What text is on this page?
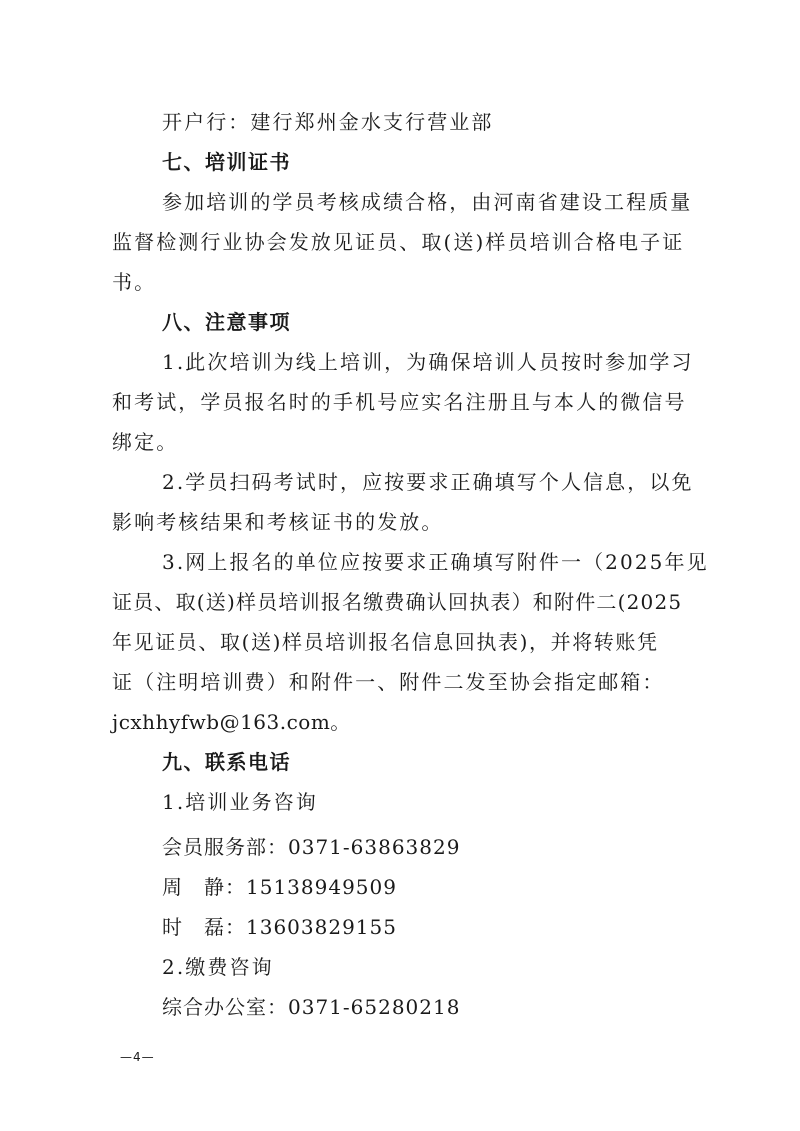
开户行：建行郑州金水支行营业部
七、培训证书
参加培训的学员考核成绩合格，由河南省建设工程质量
监督检测行业协会发放见证员、取(送)样员培训合格电子证
书。
八、注意事项
1.此次培训为线上培训，为确保培训人员按时参加学习
和考试，学员报名时的手机号应实名注册且与本人的微信号
绑定。
2.学员扫码考试时，应按要求正确填写个人信息，以免
影响考核结果和考核证书的发放。
3.网上报名的单位应按要求正确填写附件一（2025年见
证员、取(送)样员培训报名缴费确认回执表）和附件二(2025
年见证员、取(送)样员培训报名信息回执表)，并将转账凭
证（注明培训费）和附件一、附件二发至协会指定邮箱：
jcxhhyfwb@163.com。
九、联系电话
1.培训业务咨询
会员服务部：0371-63863829
周　静：15138949509
时　磊：13603829155
2.缴费咨询
综合办公室：0371-65280218
—4—
